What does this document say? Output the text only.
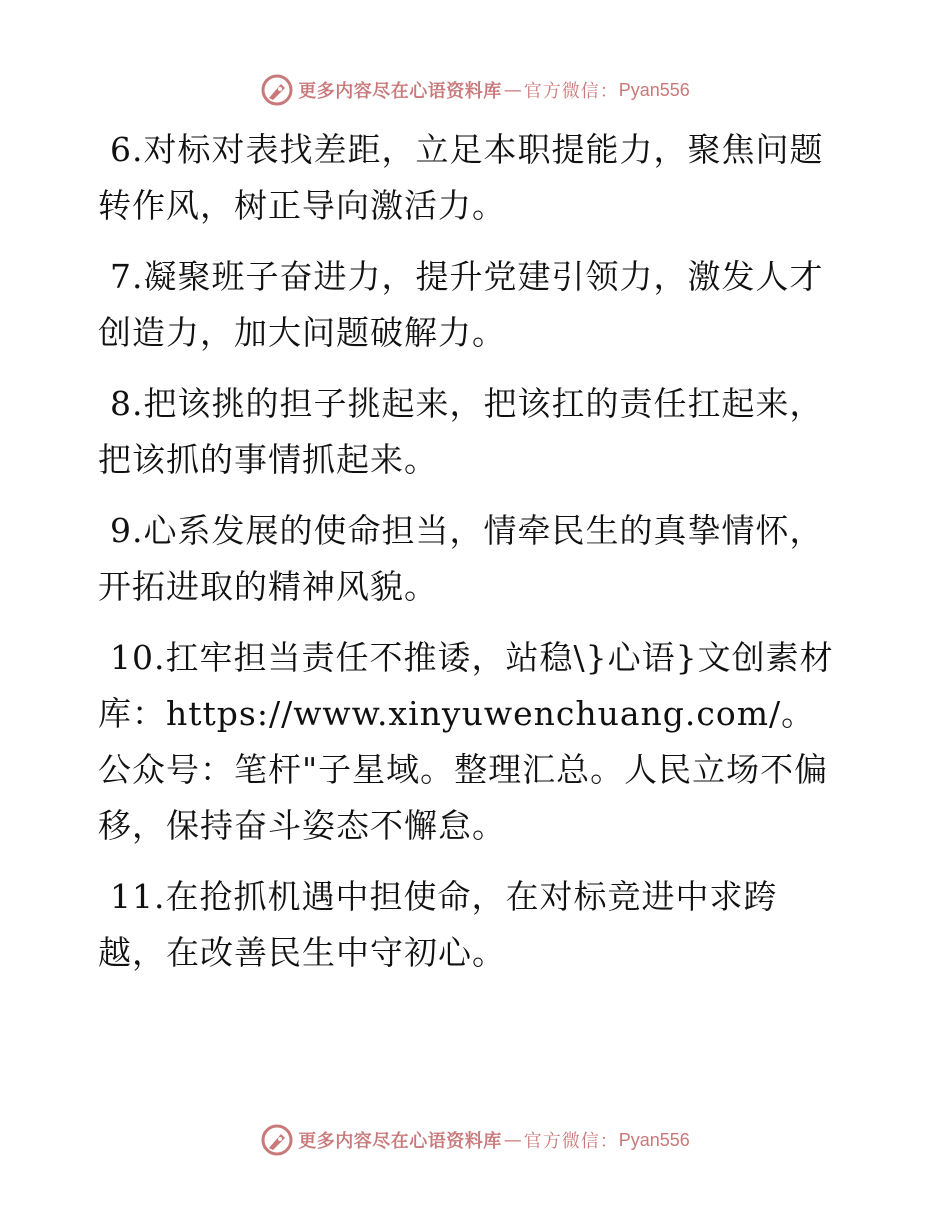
更多内容尽在心语资料库 — 官方微信： Pyan556

6.对标对表找差距，立足本职提能力，聚焦问题转作风，树正导向激活力。

7.凝聚班子奋进力，提升党建引领力，激发人才创造力，加大问题破解力。

8.把该挑的担子挑起来，把该扛的责任扛起来，把该抓的事情抓起来。

9.心系发展的使命担当，情牵民生的真挚情怀，开拓进取的精神风貌。

10.扛牢担当责任不推诿，站稳\}心语}文创素材库：https://www.xinyuwenchuang.com/。公众号：笔杆"子星域。整理汇总。人民立场不偏移，保持奋斗姿态不懈怠。

11.在抢抓机遇中担使命，在对标竞进中求跨越，在改善民生中守初心。

更多内容尽在心语资料库 — 官方微信： Pyan556
